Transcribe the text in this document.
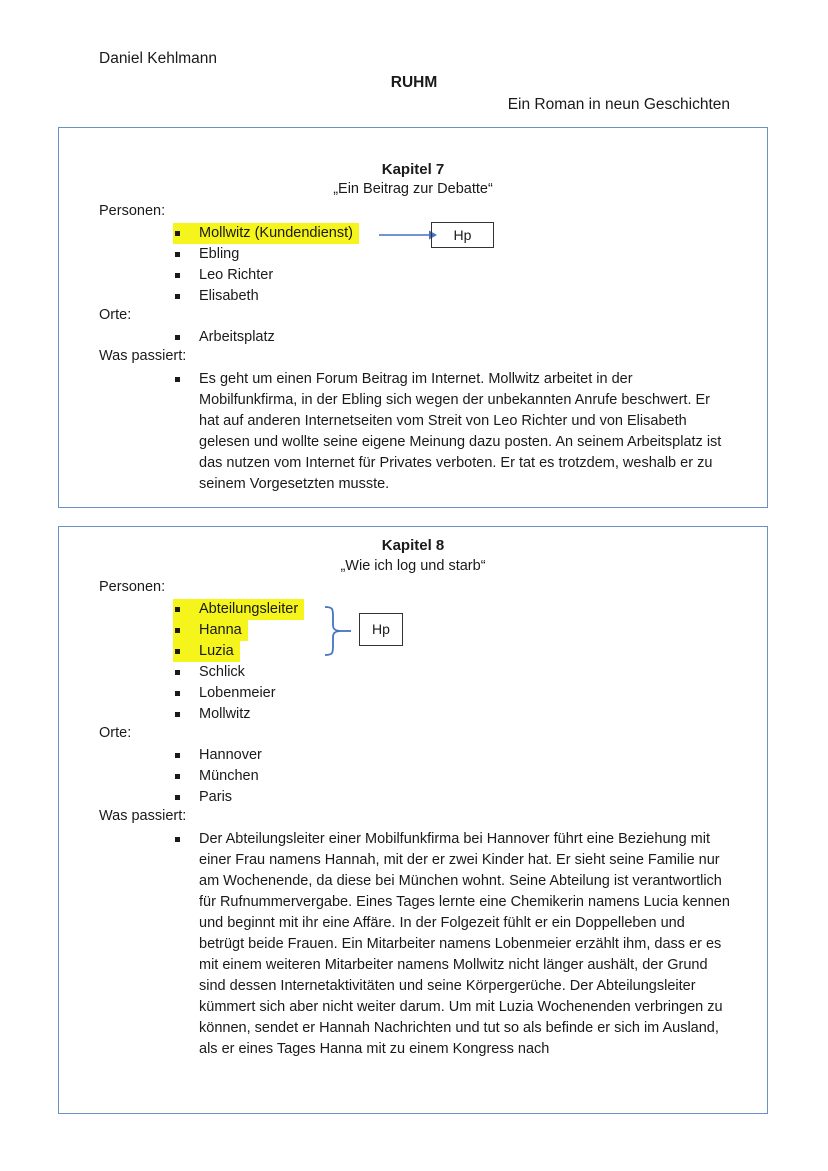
Daniel Kehlmann
RUHM
Ein Roman in neun Geschichten
Kapitel 7
„Ein Beitrag zur Debatte“
Personen:
Mollwitz (Kundendienst)
Ebling
Leo Richter
Elisabeth
Hp
Orte:
Arbeitsplatz
Was passiert:
Es geht um einen Forum Beitrag im Internet. Mollwitz arbeitet in der Mobilfunkfirma, in der Ebling sich wegen der unbekannten Anrufe beschwert. Er hat auf anderen Internetseiten vom Streit von Leo Richter und von Elisabeth gelesen und wollte seine eigene Meinung dazu posten. An seinem Arbeitsplatz ist das nutzen vom Internet für Privates verboten. Er tat es trotzdem, weshalb er zu seinem Vorgesetzten musste.
Kapitel 8
„Wie ich log und starb“
Personen:
Abteilungsleiter
Hanna
Luzia
Schlick
Lobenmeier
Mollwitz
Hp
Orte:
Hannover
München
Paris
Was passiert:
Der Abteilungsleiter einer Mobilfunkfirma bei Hannover führt eine Beziehung mit einer Frau namens Hannah, mit der er zwei Kinder hat. Er sieht seine Familie nur am Wochenende, da diese bei München wohnt. Seine Abteilung ist verantwortlich für Rufnummervergabe. Eines Tages lernte eine Chemikerin namens Lucia kennen und beginnt mit ihr eine Affäre. In der Folgezeit fühlt er ein Doppelleben und betrügt beide Frauen. Ein Mitarbeiter namens Lobenmeier erzählt ihm, dass er es mit einem weiteren Mitarbeiter namens Mollwitz nicht länger aushält, der Grund sind dessen Internetaktivitäten und seine Körpergerüche. Der Abteilungsleiter kümmert sich aber nicht weiter darum. Um mit Luzia Wochenenden verbringen zu können, sendet er Hannah Nachrichten und tut so als befinde er sich im Ausland, als er eines Tages Hanna mit zu einem Kongress nach
